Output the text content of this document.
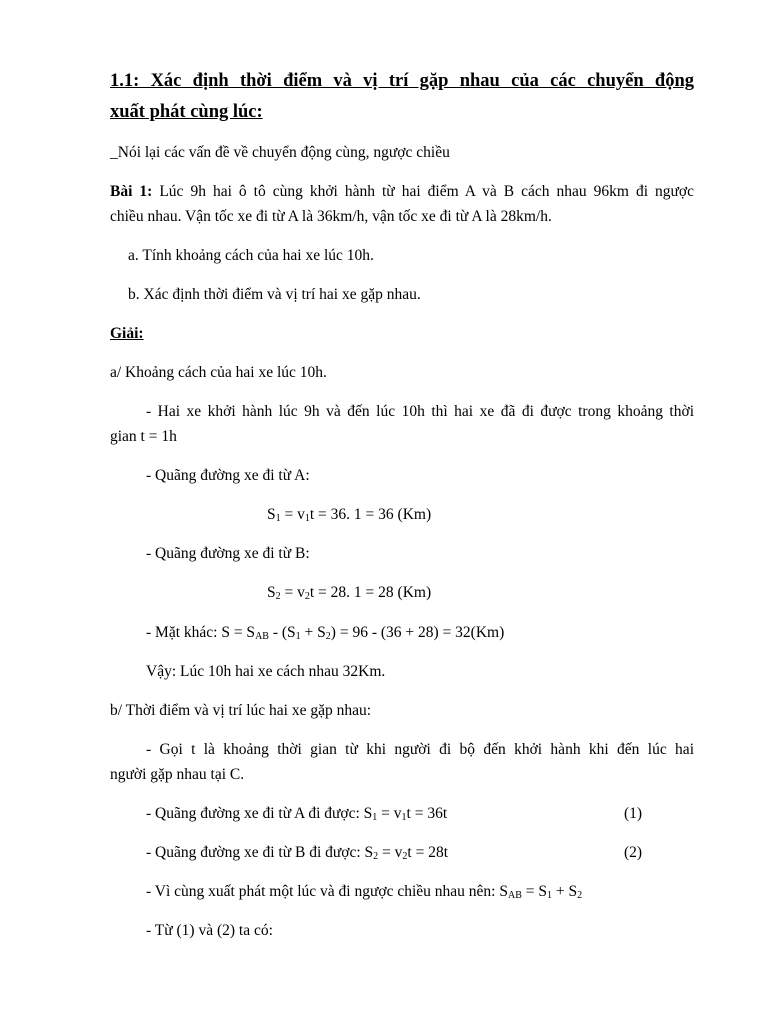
1.1: Xác định thời điểm và vị trí gặp nhau của các chuyển động
xuất phát cùng lúc:
_Nói lại các vấn đề về chuyển động cùng, ngược chiều
Bài 1: Lúc 9h hai ô tô cùng khởi hành từ hai điểm A và B cách nhau 96km đi ngược
chiều nhau. Vận tốc xe đi từ A là 36km/h, vận tốc xe đi từ A là 28km/h.
a. Tính khoảng cách của hai xe lúc 10h.
b. Xác định thời điểm và vị trí hai xe gặp nhau.
Giải:
a/ Khoảng cách của hai xe lúc 10h.
- Hai xe khởi hành lúc 9h và đến lúc 10h thì hai xe đã đi được trong khoảng thời
gian t = 1h
- Quãng đường xe đi từ A:
$S_1 = v_1t = 36$. 1 = 36 (Km)
- Quãng đường xe đi từ B:
$S_2 = v_2t = 28$. 1 = 28 (Km)
- Mặt khác: $S = S_{AB} - (S_1 + S_2) = 96 - (36 + 28) = 32(Km)$
Vậy: Lúc 10h hai xe cách nhau 32Km.
b/ Thời điểm và vị trí lúc hai xe gặp nhau:
- Gọi t là khoảng thời gian từ khi người đi bộ đến khởi hành khi đến lúc hai
người gặp nhau tại C.
- Quãng đường xe đi từ A đi được: $S_1 = v_1t = 36t$	(1)
- Quãng đường xe đi từ B đi được: $S_2 = v_2t = 28t$	(2)
- Vì cùng xuất phát một lúc và đi ngược chiều nhau nên: $S_{AB} = S_1 + S_2$
- Từ (1) và (2) ta có:
